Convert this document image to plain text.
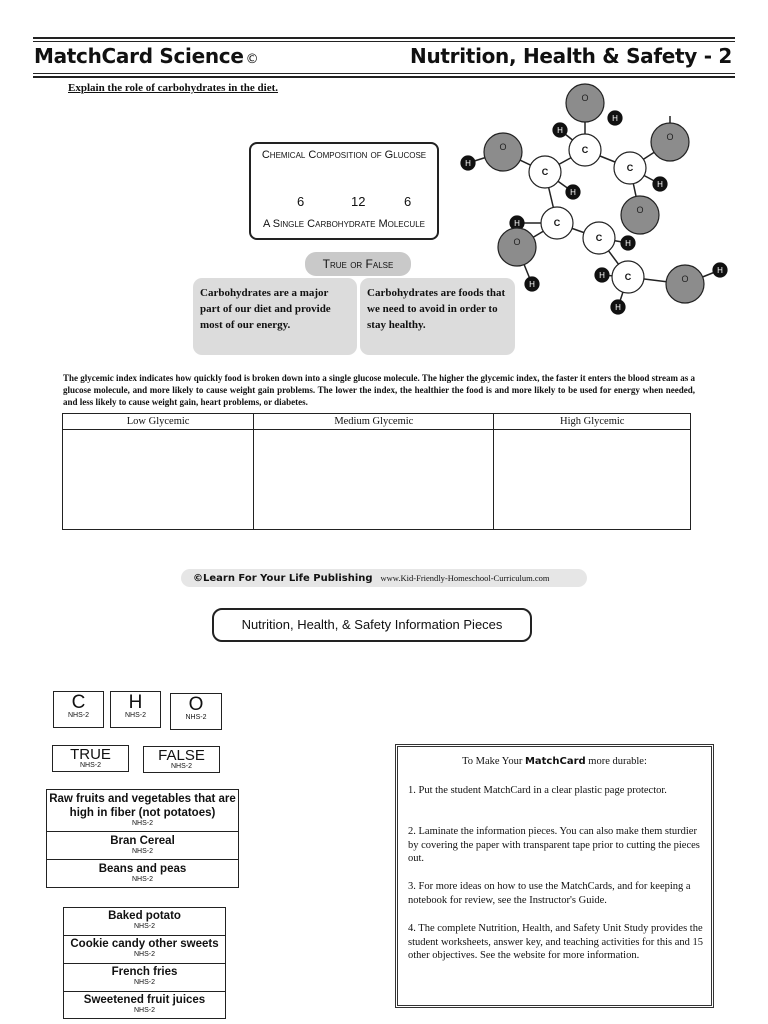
MatchCard Science ©	Nutrition, Health & Safety - 2
Explain the role of carbohydrates in the diet.
Chemical Composition of Glucose
6	12	6
A Single Carbohydrate Molecule
O
H
C
H
O
O
C
H	C
H
O
H
C
H
O	C
H
H C
H
O
H
H
True or False
Carbohydrates are a major part of our diet and provide most of our energy.
Carbohydrates are foods that we need to avoid in order to stay healthy.
The glycemic index indicates how quickly food is broken down into a single glucose molecule. The higher the glycemic index, the faster it enters the blood stream as a glucose molecule, and more likely to cause weight gain problems. The lower the index, the healthier the food is and more likely to be used for energy when needed, and less likely to cause weight gain, heart problems, or diabetes.
Low Glycemic	Medium Glycemic	High Glycemic

©Learn For Your Life Publishing www.Kid-Friendly-Homeschool-Curriculum.com
Nutrition, Health, & Safety Information Pieces
C
NHS-2
H
NHS-2
O
NHS-2
TRUE
NHS-2
FALSE
NHS-2
Raw fruits and vegetables that are high in fiber (not potatoes)
NHS-2
Bran Cereal
NHS-2
Beans and peas
NHS-2
Baked potato
NHS-2
Cookie candy other sweets
NHS-2
French fries
NHS-2
Sweetened fruit juices
NHS-2

To Make Your MatchCard more durable:

1. Put the student MatchCard in a clear plastic page protector.

2. Laminate the information pieces. You can also make them sturdier by covering the paper with transparent tape prior to cutting the pieces out.

3. For more ideas on how to use the MatchCards, and for keeping a notebook for review, see the Instructor's Guide.

4. The complete Nutrition, Health, and Safety Unit Study provides the student worksheets, answer key, and teaching activities for this and 15 other objectives. See the website for more information.
